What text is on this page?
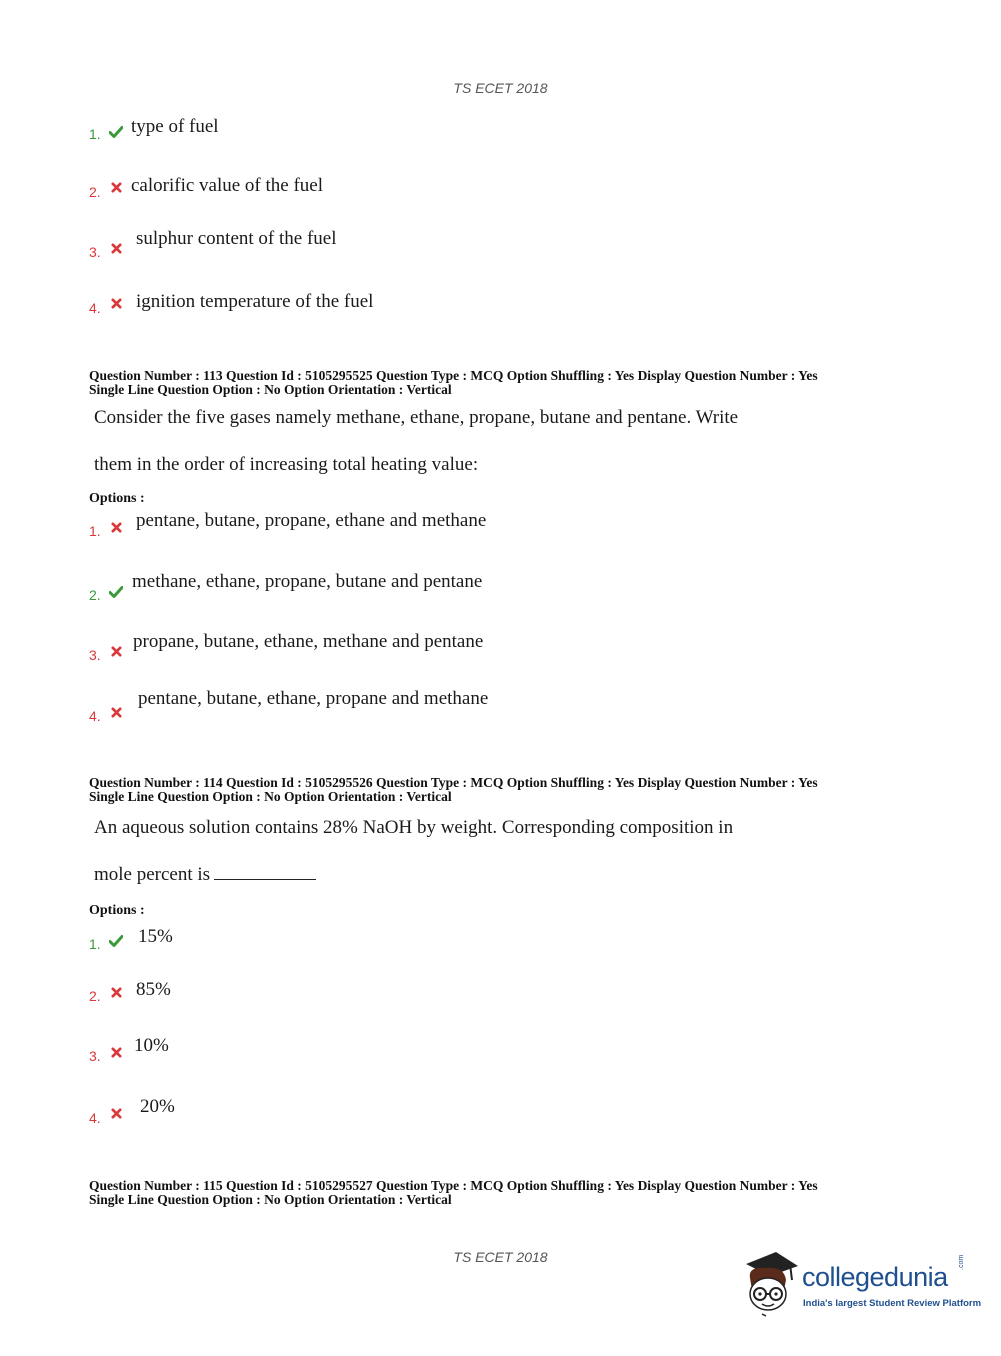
TS ECET 2018
1. type of fuel
2. calorific value of the fuel
3.
sulphur content of the fuel
4. ignition temperature of the fuel
Question Number : 113 Question Id : 5105295525 Question Type : MCQ Option Shuffling : Yes Display Question Number : Yes
Single Line Question Option : No Option Orientation : Vertical
Consider the five gases namely methane, ethane, propane, butane and pentane. Write
them in the order of increasing total heating value:
Options :
1. pentane, butane, propane, ethane and methane
2.
methane, ethane, propane, butane and pentane
3.
propane, butane, ethane, methane and pentane
4.
pentane, butane, ethane, propane and methane
Question Number : 114 Question Id : 5105295526 Question Type : MCQ Option Shuffling : Yes Display Question Number : Yes
Single Line Question Option : No Option Orientation : Vertical
An aqueous solution contains 28% NaOH by weight. Corresponding composition in
mole percent is
Options :
1. 15%
2. 85%
3. 10%
4.
20%
Question Number : 115 Question Id : 5105295527 Question Type : MCQ Option Shuffling : Yes Display Question Number : Yes
Single Line Question Option : No Option Orientation : Vertical
TS ECET 2018
collegedunia .com
India's largest Student Review Platform
